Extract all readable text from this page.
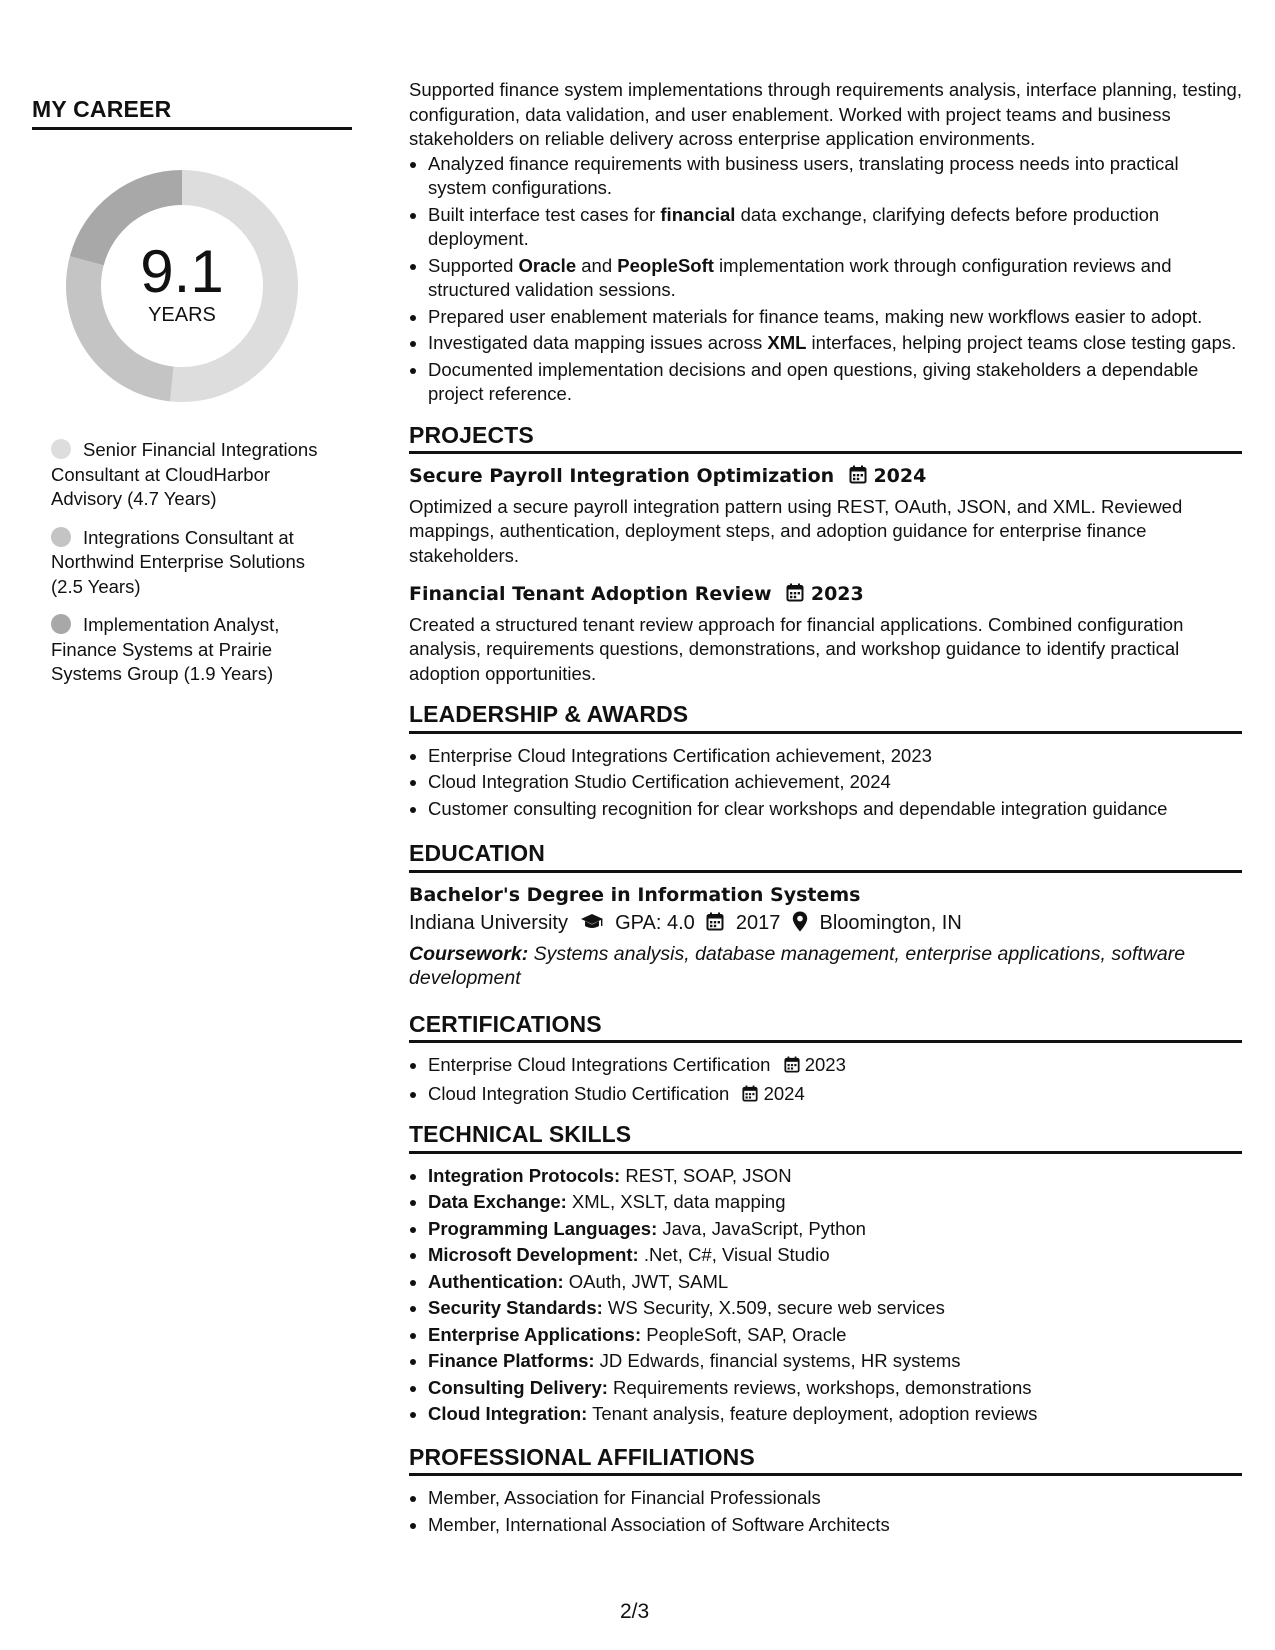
MY CAREER
9.1
YEARS
Senior Financial Integrations Consultant at CloudHarbor Advisory (4.7 Years)
Integrations Consultant at Northwind Enterprise Solutions (2.5 Years)
Implementation Analyst, Finance Systems at Prairie Systems Group (1.9 Years)

Supported finance system implementations through requirements analysis, interface planning, testing, configuration, data validation, and user enablement. Worked with project teams and business stakeholders on reliable delivery across enterprise application environments.

• Analyzed finance requirements with business users, translating process needs into practical system configurations.
• Built interface test cases for financial data exchange, clarifying defects before production deployment.
• Supported Oracle and PeopleSoft implementation work through configuration reviews and structured validation sessions.
• Prepared user enablement materials for finance teams, making new workflows easier to adopt.
• Investigated data mapping issues across XML interfaces, helping project teams close testing gaps.
• Documented implementation decisions and open questions, giving stakeholders a dependable project reference.
PROJECTS
Secure Payroll Integration Optimization 2024

Optimized a secure payroll integration pattern using REST, OAuth, JSON, and XML. Reviewed mappings, authentication, deployment steps, and adoption guidance for enterprise finance stakeholders.

Financial Tenant Adoption Review 2023

Created a structured tenant review approach for financial applications. Combined configuration analysis, requirements questions, demonstrations, and workshop guidance to identify practical adoption opportunities.

LEADERSHIP & AWARDS
• Enterprise Cloud Integrations Certification achievement, 2023
• Cloud Integration Studio Certification achievement, 2024
• Customer consulting recognition for clear workshops and dependable integration guidance
EDUCATION
Bachelor's Degree in Information Systems
Indiana University GPA: 4.0 2017 Bloomington, IN
Coursework: Systems analysis, database management, enterprise applications, software development
CERTIFICATIONS
• Enterprise Cloud Integrations Certification 2023
• Cloud Integration Studio Certification 2024
TECHNICAL SKILLS
• Integration Protocols: REST, SOAP, JSON
• Data Exchange: XML, XSLT, data mapping
• Programming Languages: Java, JavaScript, Python
• Microsoft Development: .Net, C#, Visual Studio
• Authentication: OAuth, JWT, SAML
• Security Standards: WS Security, X.509, secure web services
• Enterprise Applications: PeopleSoft, SAP, Oracle
• Finance Platforms: JD Edwards, financial systems, HR systems
• Consulting Delivery: Requirements reviews, workshops, demonstrations
• Cloud Integration: Tenant analysis, feature deployment, adoption reviews
PROFESSIONAL AFFILIATIONS
• Member, Association for Financial Professionals
• Member, International Association of Software Architects
2/3
